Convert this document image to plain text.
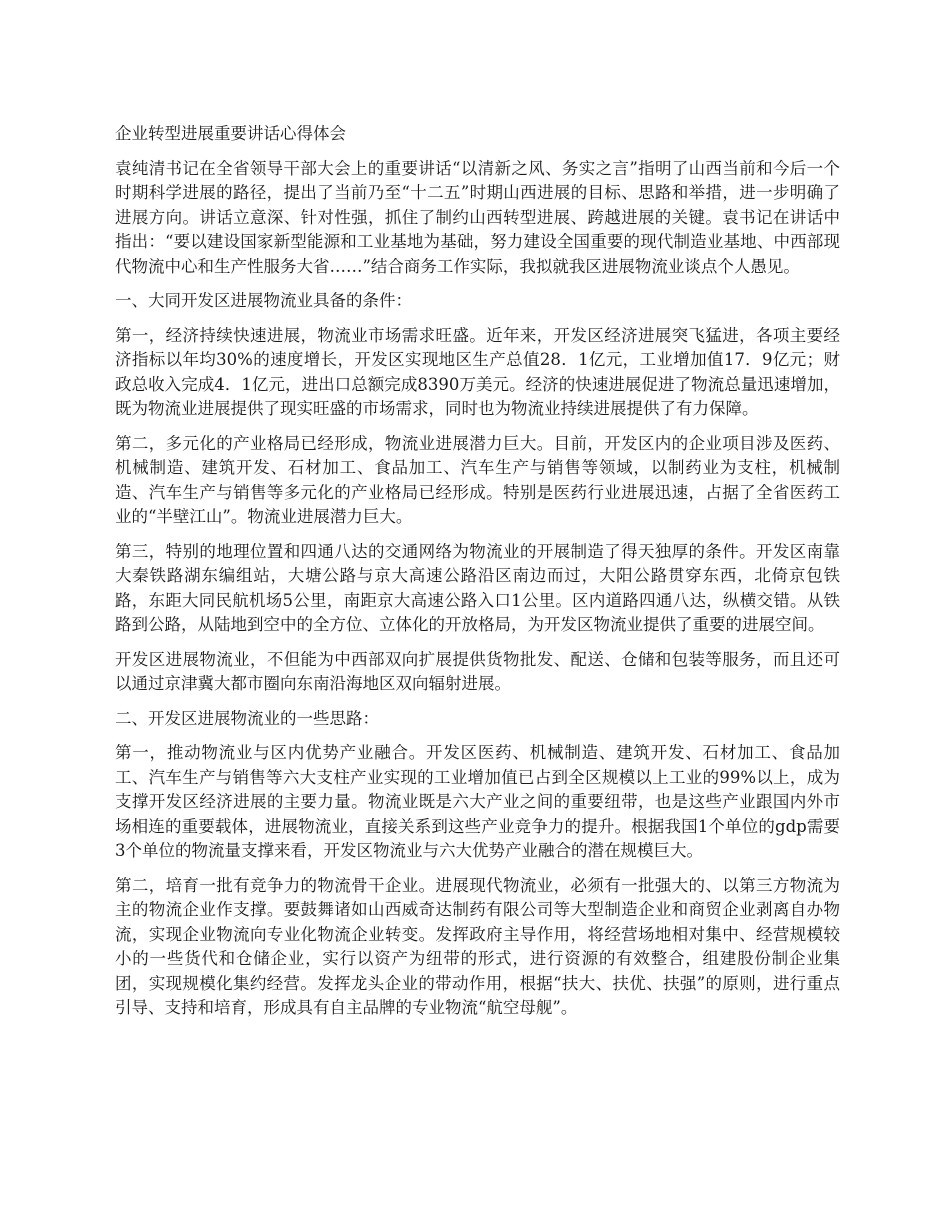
企业转型进展重要讲话心得体会

袁纯清书记在全省领导干部大会上的重要讲话“以清新之风、务实之言”指明了山西当前和今后一个时期科学进展的路径，提出了当前乃至“十二五”时期山西进展的目标、思路和举措，进一步明确了进展方向。讲话立意深、针对性强，抓住了制约山西转型进展、跨越进展的关键。袁书记在讲话中指出：“要以建设国家新型能源和工业基地为基础，努力建设全国重要的现代制造业基地、中西部现代物流中心和生产性服务大省……”结合商务工作实际，我拟就我区进展物流业谈点个人愚见。

一、大同开发区进展物流业具备的条件：

第一，经济持续快速进展，物流业市场需求旺盛。近年来，开发区经济进展突飞猛进，各项主要经济指标以年均30%的速度增长，开发区实现地区生产总值28．1亿元，工业增加值17．9亿元；财政总收入完成4．1亿元，进出口总额完成8390万美元。经济的快速进展促进了物流总量迅速增加，既为物流业进展提供了现实旺盛的市场需求，同时也为物流业持续进展提供了有力保障。

第二，多元化的产业格局已经形成，物流业进展潜力巨大。目前，开发区内的企业项目涉及医药、机械制造、建筑开发、石材加工、食品加工、汽车生产与销售等领域，以制药业为支柱，机械制造、汽车生产与销售等多元化的产业格局已经形成。特别是医药行业进展迅速，占据了全省医药工业的“半壁江山”。物流业进展潜力巨大。

第三，特别的地理位置和四通八达的交通网络为物流业的开展制造了得天独厚的条件。开发区南靠大秦铁路湖东编组站，大塘公路与京大高速公路沿区南边而过，大阳公路贯穿东西，北倚京包铁路，东距大同民航机场5公里，南距京大高速公路入口1公里。区内道路四通八达，纵横交错。从铁路到公路，从陆地到空中的全方位、立体化的开放格局，为开发区物流业提供了重要的进展空间。

开发区进展物流业，不但能为中西部双向扩展提供货物批发、配送、仓储和包装等服务，而且还可以通过京津冀大都市圈向东南沿海地区双向辐射进展。

二、开发区进展物流业的一些思路：

第一，推动物流业与区内优势产业融合。开发区医药、机械制造、建筑开发、石材加工、食品加工、汽车生产与销售等六大支柱产业实现的工业增加值已占到全区规模以上工业的99%以上，成为支撑开发区经济进展的主要力量。物流业既是六大产业之间的重要纽带，也是这些产业跟国内外市场相连的重要载体，进展物流业，直接关系到这些产业竞争力的提升。根据我国1个单位的gdp需要3个单位的物流量支撑来看，开发区物流业与六大优势产业融合的潜在规模巨大。

第二，培育一批有竞争力的物流骨干企业。进展现代物流业，必须有一批强大的、以第三方物流为主的物流企业作支撑。要鼓舞诸如山西威奇达制药有限公司等大型制造企业和商贸企业剥离自办物流，实现企业物流向专业化物流企业转变。发挥政府主导作用，将经营场地相对集中、经营规模较小的一些货代和仓储企业，实行以资产为纽带的形式，进行资源的有效整合，组建股份制企业集团，实现规模化集约经营。发挥龙头企业的带动作用，根据“扶大、扶优、扶强”的原则，进行重点引导、支持和培育，形成具有自主品牌的专业物流“航空母舰”。
